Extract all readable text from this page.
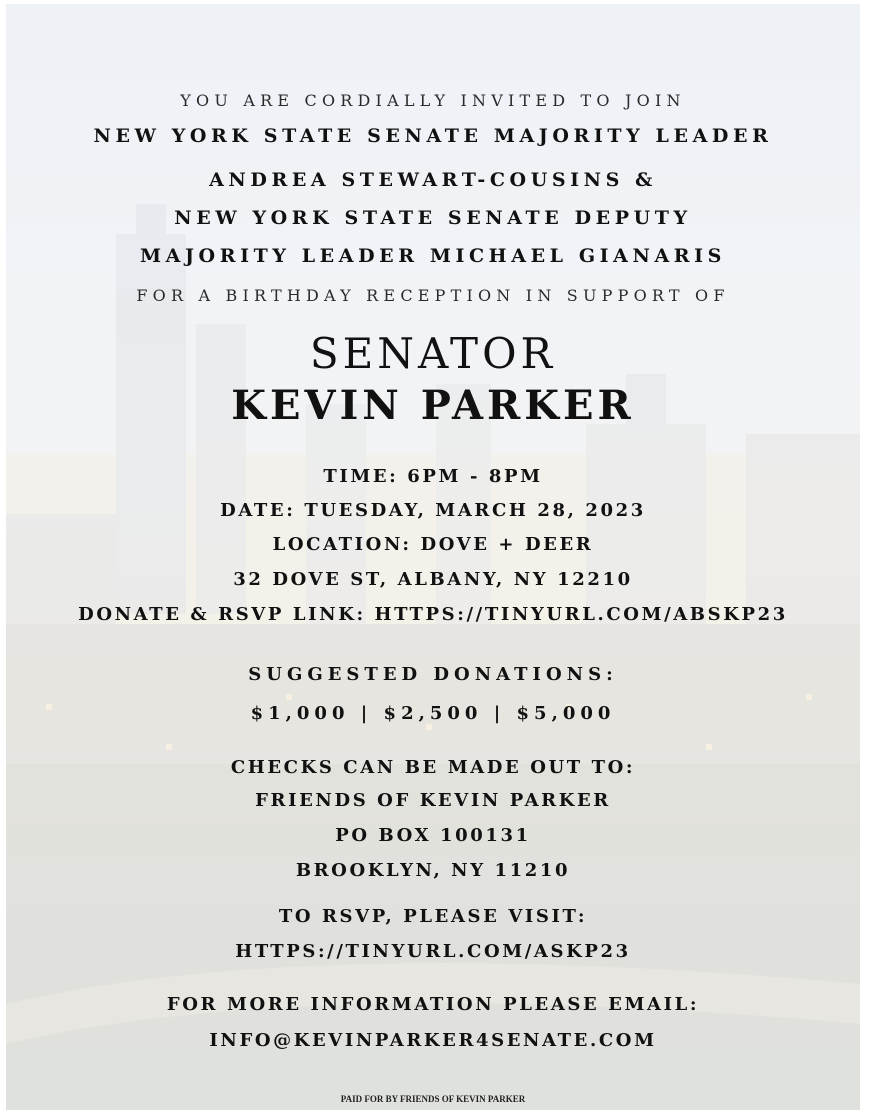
YOU ARE CORDIALLY INVITED TO JOIN
NEW YORK STATE SENATE MAJORITY LEADER
ANDREA STEWART-COUSINS &
NEW YORK STATE SENATE DEPUTY
MAJORITY LEADER MICHAEL GIANARIS
FOR A BIRTHDAY RECEPTION IN SUPPORT OF
SENATOR
KEVIN PARKER
TIME: 6PM - 8PM
DATE: TUESDAY, MARCH 28, 2023
LOCATION: DOVE + DEER
32 DOVE ST, ALBANY, NY 12210
DONATE & RSVP LINK: HTTPS://TINYURL.COM/ABSKP23
SUGGESTED DONATIONS:
$1,000 | $2,500 | $5,000
CHECKS CAN BE MADE OUT TO:
FRIENDS OF KEVIN PARKER
PO BOX 100131
BROOKLYN, NY 11210
TO RSVP, PLEASE VISIT:
HTTPS://TINYURL.COM/ASKP23
FOR MORE INFORMATION PLEASE EMAIL:
INFO@KEVINPARKER4SENATE.COM
PAID FOR BY FRIENDS OF KEVIN PARKER
